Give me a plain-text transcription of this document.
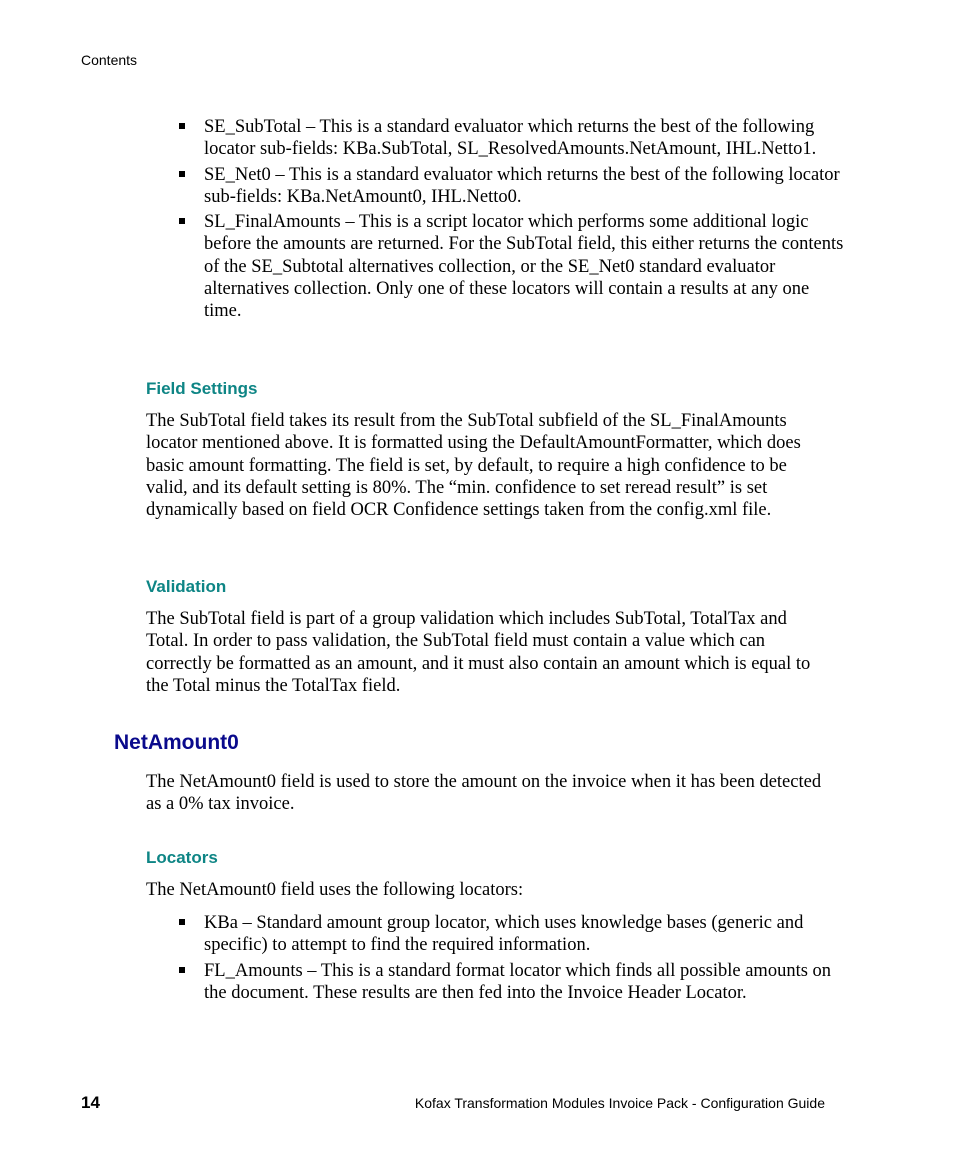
Contents
SE_SubTotal – This is a standard evaluator which returns the best of the following locator sub-fields: KBa.SubTotal, SL_ResolvedAmounts.NetAmount, IHL.Netto1.
SE_Net0 – This is a standard evaluator which returns the best of the following locator sub-fields: KBa.NetAmount0, IHL.Netto0.
SL_FinalAmounts – This is a script locator which performs some additional logic before the amounts are returned. For the SubTotal field, this either returns the contents of the SE_Subtotal alternatives collection, or the SE_Net0 standard evaluator alternatives collection. Only one of these locators will contain a results at any one time.
Field Settings

The SubTotal field takes its result from the SubTotal subfield of the SL_FinalAmounts locator mentioned above. It is formatted using the DefaultAmountFormatter, which does basic amount formatting. The field is set, by default, to require a high confidence to be valid, and its default setting is 80%. The “min. confidence to set reread result” is set dynamically based on field OCR Confidence settings taken from the config.xml file.

Validation

The SubTotal field is part of a group validation which includes SubTotal, TotalTax and Total. In order to pass validation, the SubTotal field must contain a value which can correctly be formatted as an amount, and it must also contain an amount which is equal to the Total minus the TotalTax field.

NetAmount0

The NetAmount0 field is used to store the amount on the invoice when it has been detected as a 0% tax invoice.

Locators

The NetAmount0 field uses the following locators:

KBa – Standard amount group locator, which uses knowledge bases (generic and specific) to attempt to find the required information.
FL_Amounts – This is a standard format locator which finds all possible amounts on the document. These results are then fed into the Invoice Header Locator.
14	Kofax Transformation Modules Invoice Pack - Configuration Guide
